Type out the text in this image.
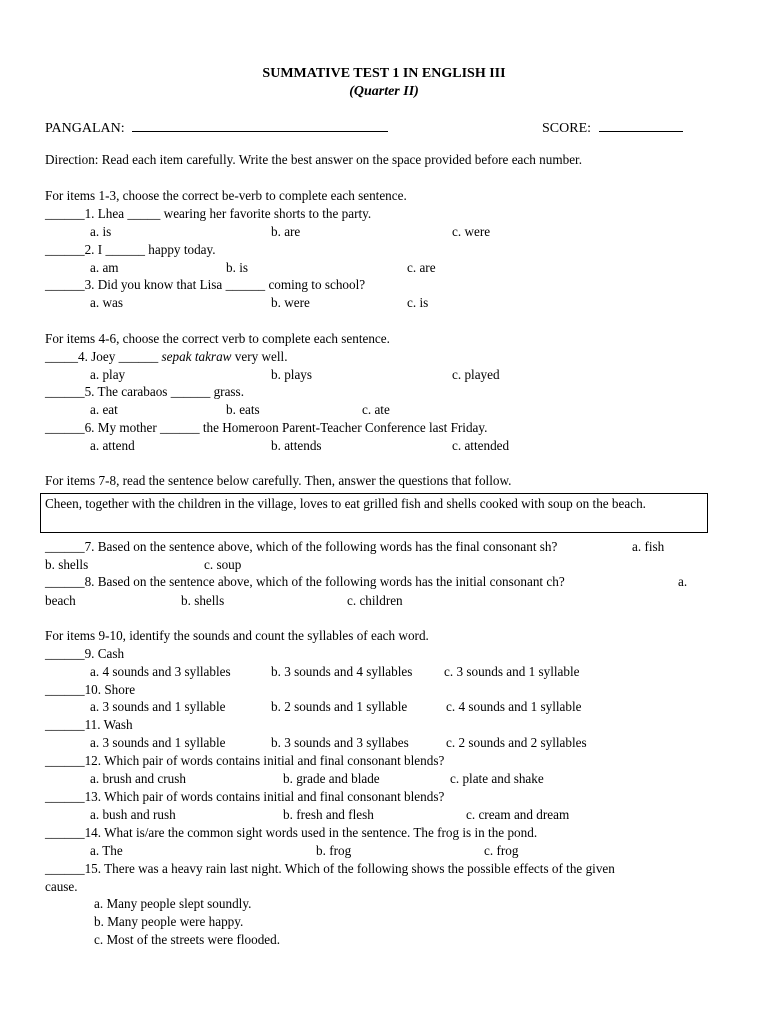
SUMMATIVE TEST 1 IN ENGLISH III
(Quarter II)
PANGALAN:	SCORE:
Direction: Read each item carefully. Write the best answer on the space provided before each number.
For items 1-3, choose the correct be-verb to complete each sentence.
______1. Lhea _____ wearing her favorite shorts to the party.
a. is	b. are	c. were
______2. I ______ happy today.
a. am	b. is	c. are
______3. Did you know that Lisa ______ coming to school?
a. was	b. were	c. is
For items 4-6, choose the correct verb to complete each sentence.
_____4. Joey ______ sepak takraw very well.
a. play	b. plays	c. played
______5. The carabaos ______ grass.
a. eat	b. eats	c. ate
______6. My mother ______ the Homeroon Parent-Teacher Conference last Friday.
a. attend	b. attends	c. attended
For items 7-8, read the sentence below carefully. Then, answer the questions that follow.
Cheen, together with the children in the village, loves to eat grilled fish and shells cooked with soup on the beach.
______7. Based on the sentence above, which of the following words has the final consonant sh?	a. fish
b. shells	c. soup
______8. Based on the sentence above, which of the following words has the initial consonant ch?	a.
beach	b. shells	c. children
For items 9-10, identify the sounds and count the syllables of each word.
______9. Cash
a. 4 sounds and 3 syllables	b. 3 sounds and 4 syllables c. 3 sounds and 1 syllable
______10. Shore
a. 3 sounds and 1 syllable	b. 2 sounds and 1 syllable	c. 4 sounds and 1 syllable
______11. Wash
a. 3 sounds and 1 syllable	b. 3 sounds and 3 syllabes	c. 2 sounds and 2 syllables
______12. Which pair of words contains initial and final consonant blends?
a. brush and crush	b. grade and blade	c. plate and shake
______13. Which pair of words contains initial and final consonant blends?
a. bush and rush	b. fresh and flesh	c. cream and dream
______14. What is/are the common sight words used in the sentence. The frog is in the pond.
a. The	b. frog	c. frog
______15. There was a heavy rain last night. Which of the following shows the possible effects of the given
cause.
a. Many people slept soundly.
b. Many people were happy.
c. Most of the streets were flooded.
